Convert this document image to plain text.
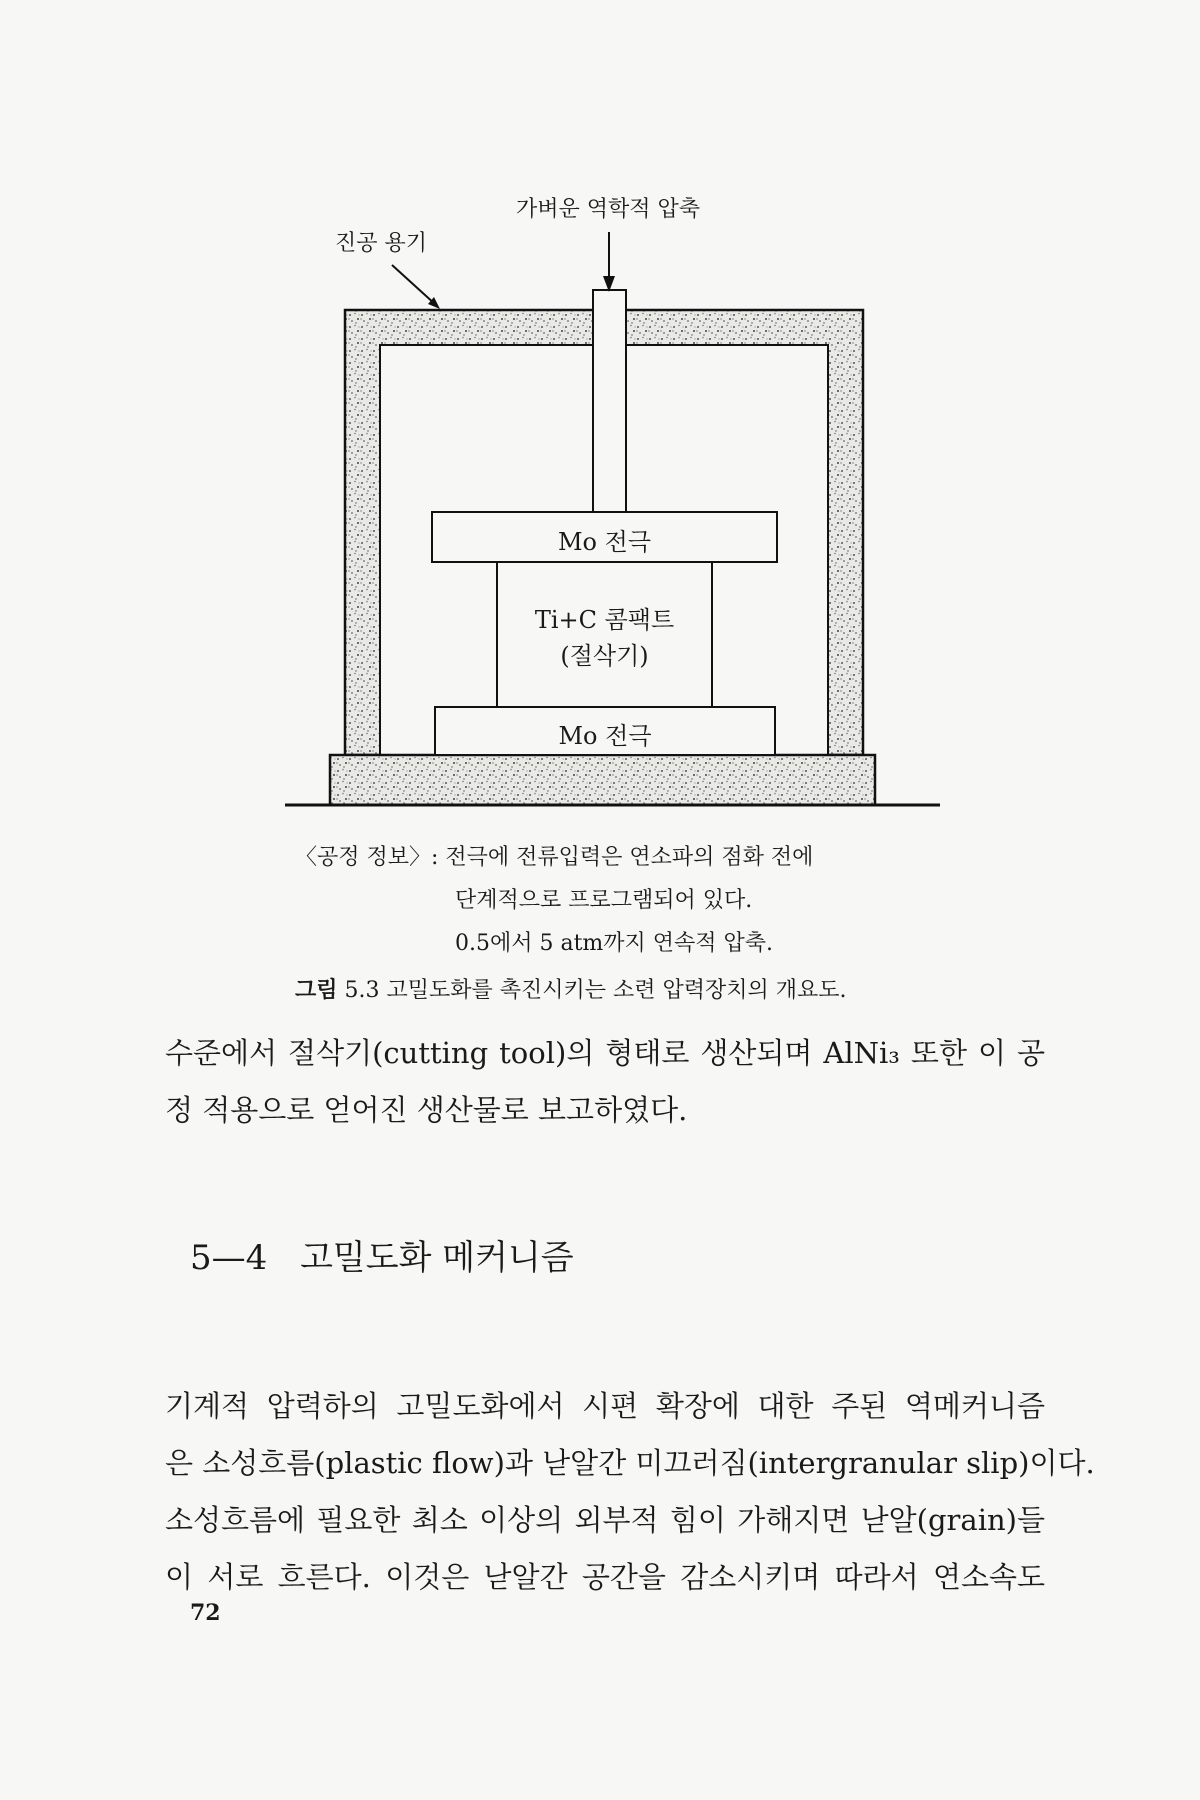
진공 용기
가벼운 역학적 압축
Mo 전극
Ti+C 콤팩트
(절삭기)
Mo 전극
〈공정 정보〉: 전극에 전류입력은 연소파의 점화 전에
단계적으로 프로그램되어 있다.
0.5에서 5 atm까지 연속적 압축.
그림 5.3 고밀도화를 촉진시키는 소련 압력장치의 개요도.
수준에서 절삭기(cutting tool)의 형태로 생산되며 AlNi₃ 또한 이 공
정 적용으로 얻어진 생산물로 보고하였다.
5—4 고밀도화 메커니즘
기계적 압력하의 고밀도화에서 시편 확장에 대한 주된 역메커니즘
은 소성흐름(plastic flow)과 낟알간 미끄러짐(intergranular slip)이다.
소성흐름에 필요한 최소 이상의 외부적 힘이 가해지면 낟알(grain)들
이 서로 흐른다. 이것은 낟알간 공간을 감소시키며 따라서 연소속도
72
